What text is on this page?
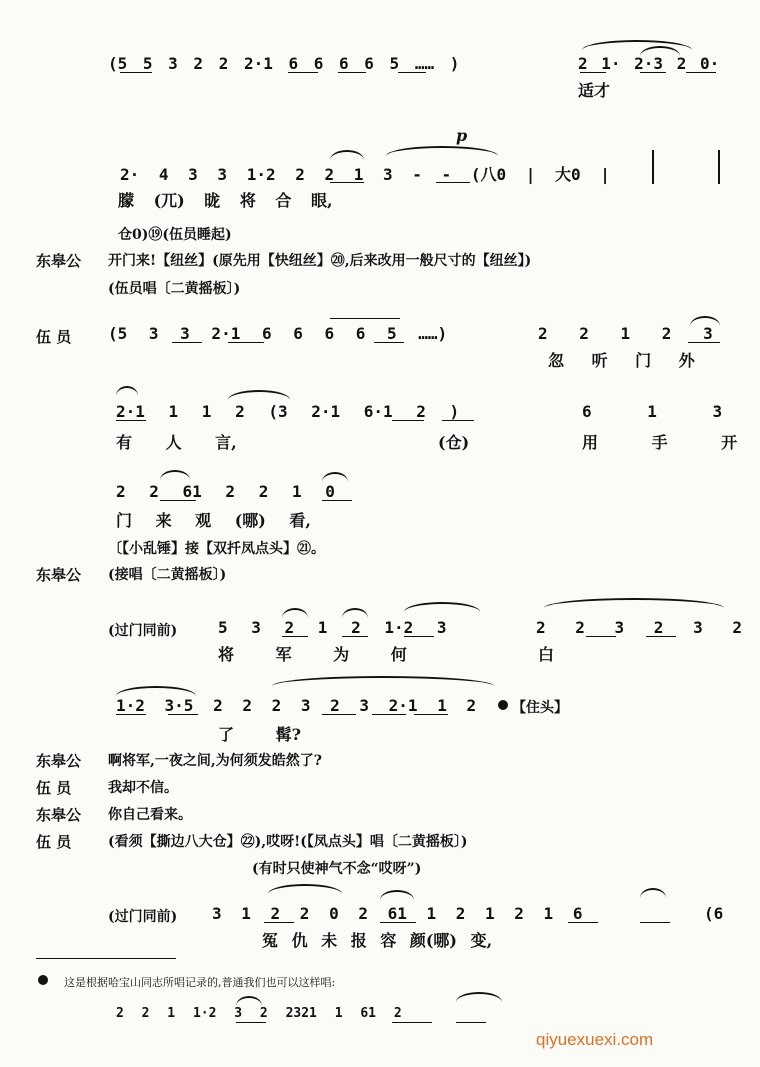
(5 5 3 2 2 2·1 6 6 6 6 5 …… )	2 1· 2·3 2 0·
适才
2· 4 3 3 1·2 2 2 1 3 - - (八0 | 大0 |
朦 (兀) 昽 将 合 眼,
p
仓0)⑲(伍员睡起)
东皋公 开门来!【纽丝】(原先用【快纽丝】⑳,后来改用一般尺寸的【纽丝】)
(伍员唱〔二黄摇板〕)
伍 员 (5 3 3 2·1 6 6 6 6 5 ……)	2 2 1 2 3
忽 听 门 外
2·1 1 1 2 (3 2·1 6·1 2 )	6 1 3
有 人 言,	(仓)	用 手 开
2 2 61 2 2 1 0
门 来 观 (哪) 看,
〔【小乱锤】接【双扦凤点头】㉑。
东皋公 (接唱〔二黄摇板〕)
(过门同前)	5 3 2 1 2 1·2 3	2 2 3 2 3 2
将 军 为 何	白
1·2 3·5 2 2 2 3 2 3 2·1 1 2	【住头】
了 髯?
东皋公 啊将军,一夜之间,为何须发皓然了?
伍 员	我却不信。
东皋公 你自己看来。
伍 员	(看须【撕边八大仓】㉒),哎呀!(【凤点头】唱〔二黄摇板〕)
(有时只使神气不念“哎呀”)
(过门同前) 3 1 2 2 0 2 61 1 2 1 2 1 6	(6
冤 仇 未 报 容 颜(哪) 变,
这是根据哈宝山同志所唱记录的,普通我们也可以这样唱:
2 2 1 1·2 3 2 2321 1 61 2
qiyuexuexi.com
